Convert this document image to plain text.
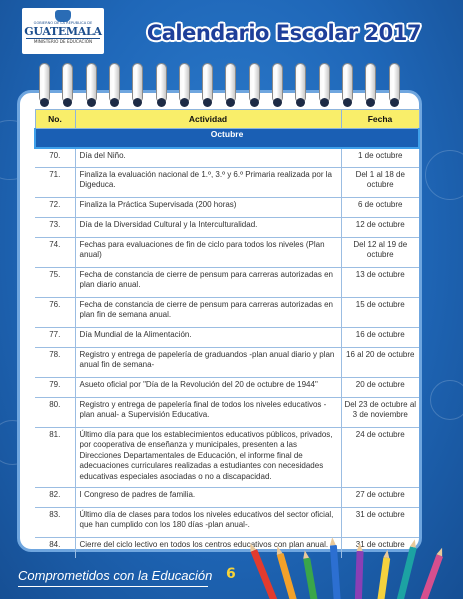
GOBIERNO DE LA REPUBLICA DE
GUATEMALA
MINISTERIO DE EDUCACIÓN	Calendario Escolar 2017
No.	Actividad	Fecha
Octubre		
70.	Día del Niño.	1 de octubre
71.	Finaliza la evaluación nacional de 1.º, 3.º y 6.º Primaria realizada por la Digeduca.	Del 1 al 18 de octubre
72.	Finaliza la Práctica Supervisada (200 horas)	6 de octubre
73.	Día de la Diversidad Cultural y la Interculturalidad.	12 de octubre
74.	Fechas para evaluaciones de fin de ciclo para todos los niveles (Plan anual)	Del 12 al 19 de octubre
75.	Fecha de constancia de cierre de pensum para carreras autorizadas en plan diario anual.	13 de octubre
76.	Fecha de constancia de cierre de pensum para carreras autorizadas en plan fin de semana anual.	15 de octubre
77.	Día Mundial de la Alimentación.	16 de octubre
78.	Registro y entrega de papelería de graduandos -plan anual diario y plan anual fin de semana-	16 al 20 de octubre
79.	Asueto oficial por "Día de la Revolución del 20 de octubre de 1944"	20 de octubre
80.	Registro y entrega de papelería final de todos los niveles educativos -plan anual- a Supervisión Educativa.	Del 23 de octubre al 3 de noviembre
81.	Último día para que los establecimientos educativos públicos, privados, por cooperativa de enseñanza y municipales, presenten a las Direcciones Departamentales de Educación, el informe final de adecuaciones curriculares realizadas a estudiantes con necesidades educativas especiales asociadas o no a discapacidad.	24 de octubre
82.	I Congreso de padres de familia.	27 de octubre
83.	Último día de clases para todos los niveles educativos del sector oficial, que han cumplido con los 180 días -plan anual-.	31 de octubre
84.	Cierre del ciclo lectivo en todos los centros educativos con plan anual.	31 de octubre
Comprometidos con la Educación 6
